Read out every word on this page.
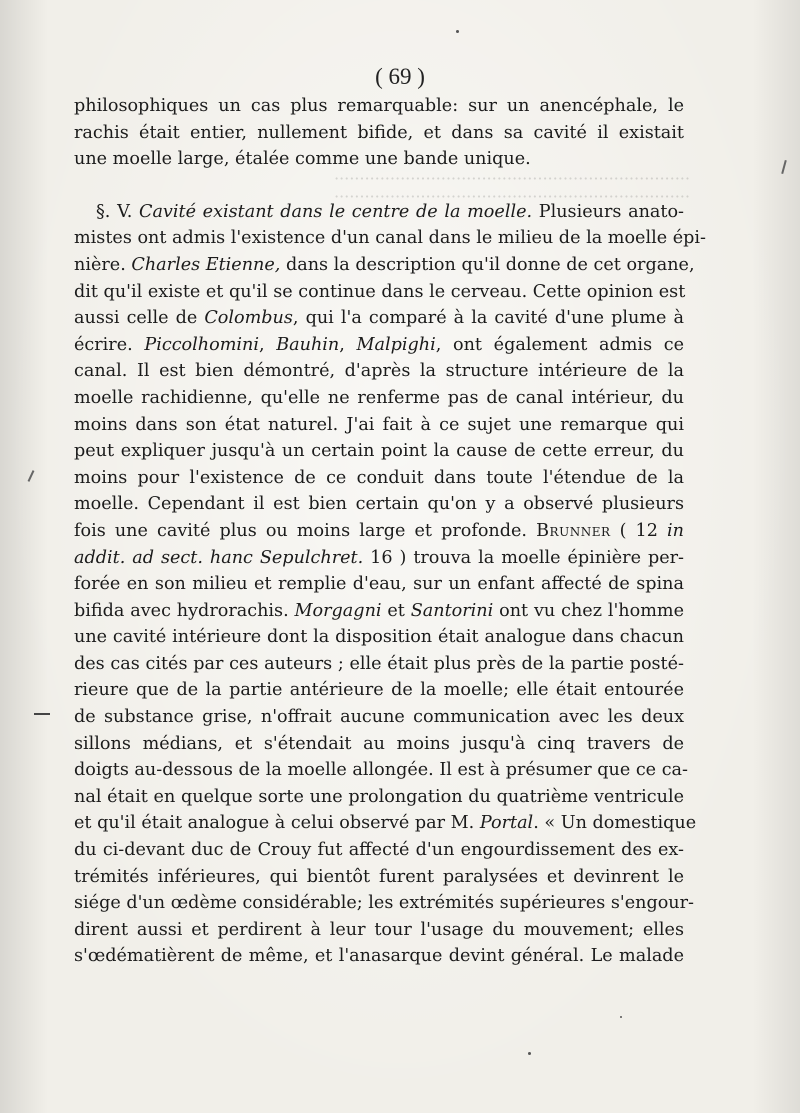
······································································
······································································
( 69 )
philosophiques un cas plus remarquable: sur un anencéphale, le
rachis était entier, nullement bifide, et dans sa cavité il existait
une moelle large, étalée comme une bande unique.
§. V. Cavité existant dans le centre de la moelle. Plusieurs anato-
mistes ont admis l'existence d'un canal dans le milieu de la moelle épi-
nière. Charles Etienne, dans la description qu'il donne de cet organe,
dit qu'il existe et qu'il se continue dans le cerveau. Cette opinion est
aussi celle de Colombus, qui l'a comparé à la cavité d'une plume à
écrire. Piccolhomini, Bauhin, Malpighi, ont également admis ce
canal. Il est bien démontré, d'après la structure intérieure de la
moelle rachidienne, qu'elle ne renferme pas de canal intérieur, du
moins dans son état naturel. J'ai fait à ce sujet une remarque qui
peut expliquer jusqu'à un certain point la cause de cette erreur, du
moins pour l'existence de ce conduit dans toute l'étendue de la
moelle. Cependant il est bien certain qu'on y a observé plusieurs
fois une cavité plus ou moins large et profonde. Brunner ( 12 in
addit. ad sect. hanc Sepulchret. 16 ) trouva la moelle épinière per-
forée en son milieu et remplie d'eau, sur un enfant affecté de spina
bifida avec hydrorachis. Morgagni et Santorini ont vu chez l'homme
une cavité intérieure dont la disposition était analogue dans chacun
des cas cités par ces auteurs ; elle était plus près de la partie posté-
rieure que de la partie antérieure de la moelle; elle était entourée
de substance grise, n'offrait aucune communication avec les deux
sillons médians, et s'étendait au moins jusqu'à cinq travers de
doigts au-dessous de la moelle allongée. Il est à présumer que ce ca-
nal était en quelque sorte une prolongation du quatrième ventricule
et qu'il était analogue à celui observé par M. Portal. « Un domestique
du ci-devant duc de Crouy fut affecté d'un engourdissement des ex-
trémités inférieures, qui bientôt furent paralysées et devinrent le
siége d'un œdème considérable; les extrémités supérieures s'engour-
dirent aussi et perdirent à leur tour l'usage du mouvement; elles
s'œdématièrent de même, et l'anasarque devint général. Le malade
